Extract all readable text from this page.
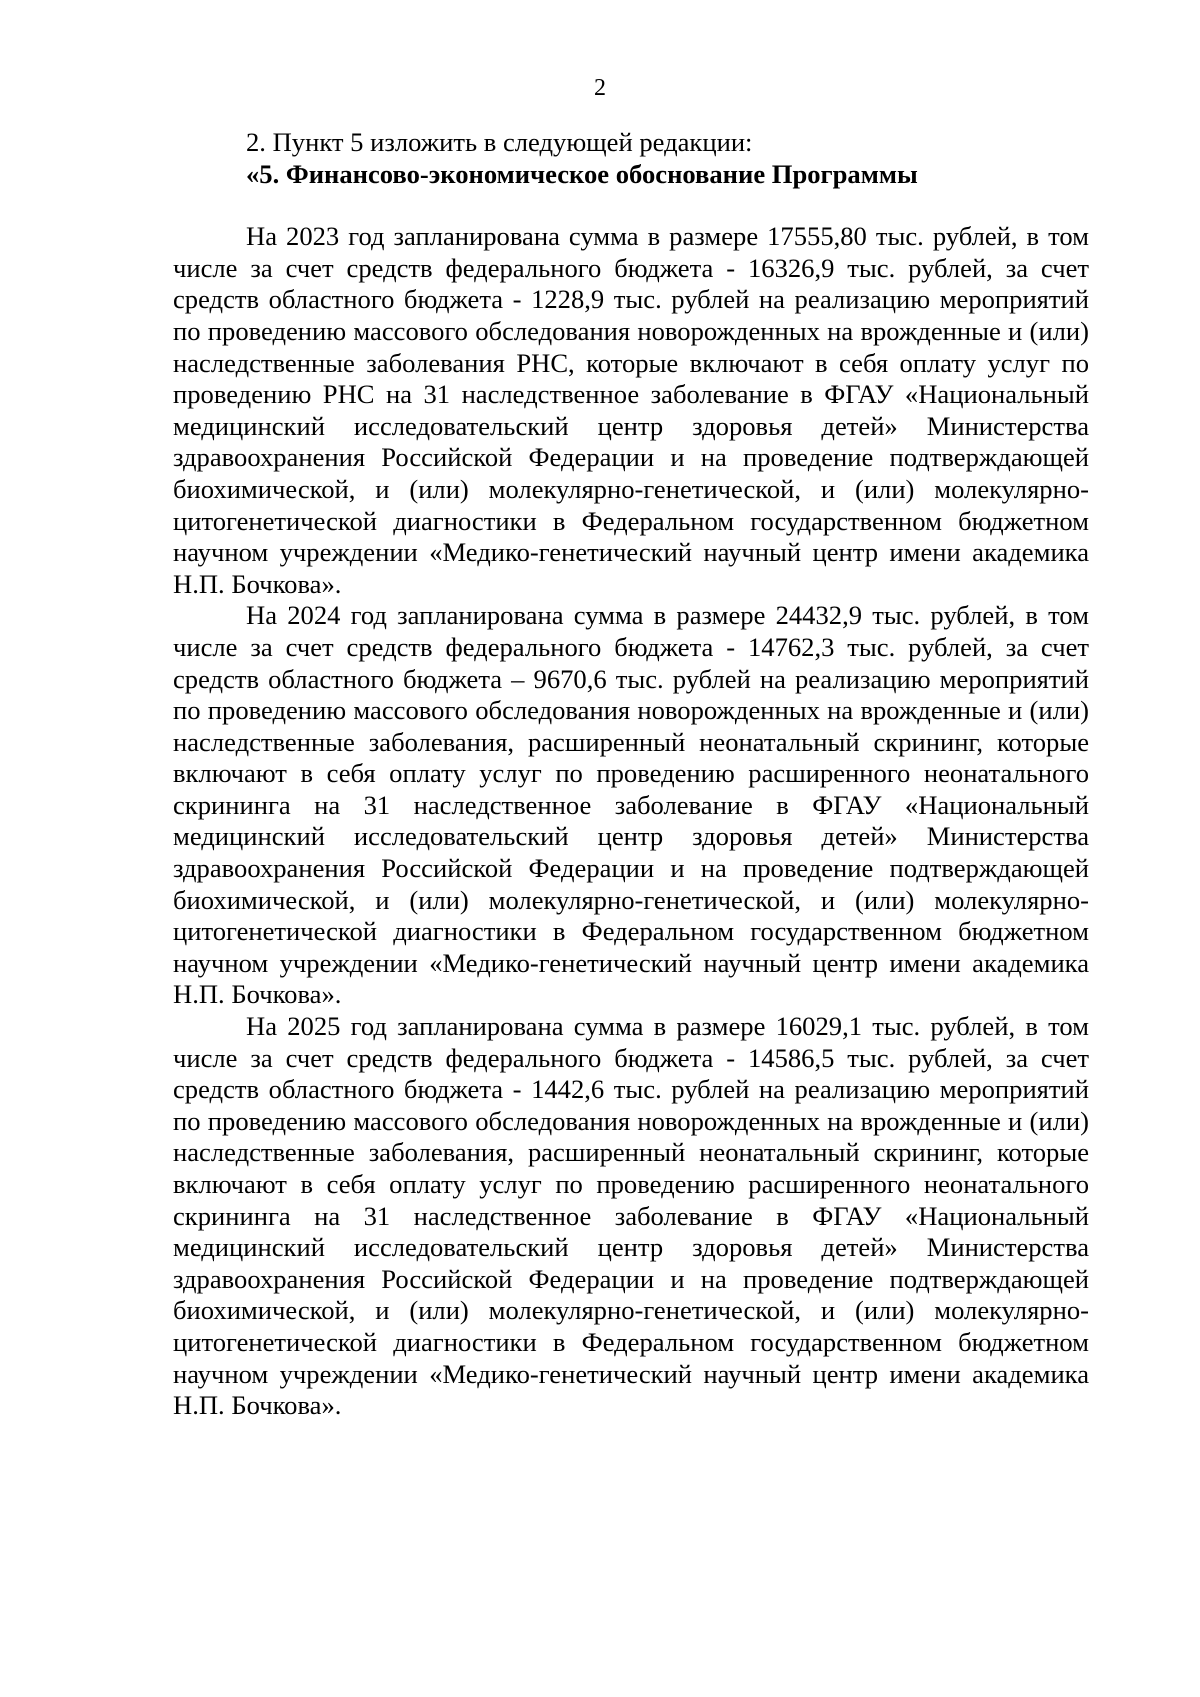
2

2. Пункт 5 изложить в следующей редакции:

«5. Финансово-экономическое обоснование Программы

На 2023 год запланирована сумма в размере 17555,80 тыс. рублей, в том числе за счет средств федерального бюджета - 16326,9 тыс. рублей, за счет средств областного бюджета - 1228,9 тыс. рублей на реализацию мероприятий по проведению массового обследования новорожденных на врожденные и (или) наследственные заболевания РНС, которые включают в себя оплату услуг по проведению РНС на 31 наследственное заболевание в ФГАУ «Национальный медицинский исследовательский центр здоровья детей» Министерства здравоохранения Российской Федерации и на проведение подтверждающей биохимической, и (или) молекулярно-генетической, и (или) молекулярно-цитогенетической диагностики в Федеральном государственном бюджетном научном учреждении «Медико-генетический научный центр имени академика Н.П. Бочкова».

На 2024 год запланирована сумма в размере 24432,9 тыс. рублей, в том числе за счет средств федерального бюджета - 14762,3 тыс. рублей, за счет средств областного бюджета – 9670,6 тыс. рублей на реализацию мероприятий по проведению массового обследования новорожденных на врожденные и (или) наследственные заболевания, расширенный неонатальный скрининг, которые включают в себя оплату услуг по проведению расширенного неонатального скрининга на 31 наследственное заболевание в ФГАУ «Национальный медицинский исследовательский центр здоровья детей» Министерства здравоохранения Российской Федерации и на проведение подтверждающей биохимической, и (или) молекулярно-генетической, и (или) молекулярно-цитогенетической диагностики в Федеральном государственном бюджетном научном учреждении «Медико-генетический научный центр имени академика Н.П. Бочкова».

На 2025 год запланирована сумма в размере 16029,1 тыс. рублей, в том числе за счет средств федерального бюджета - 14586,5 тыс. рублей, за счет средств областного бюджета - 1442,6 тыс. рублей на реализацию мероприятий по проведению массового обследования новорожденных на врожденные и (или) наследственные заболевания, расширенный неонатальный скрининг, которые включают в себя оплату услуг по проведению расширенного неонатального скрининга на 31 наследственное заболевание в ФГАУ «Национальный медицинский исследовательский центр здоровья детей» Министерства здравоохранения Российской Федерации и на проведение подтверждающей биохимической, и (или) молекулярно-генетической, и (или) молекулярно-цитогенетической диагностики в Федеральном государственном бюджетном научном учреждении «Медико-генетический научный центр имени академика Н.П. Бочкова».
